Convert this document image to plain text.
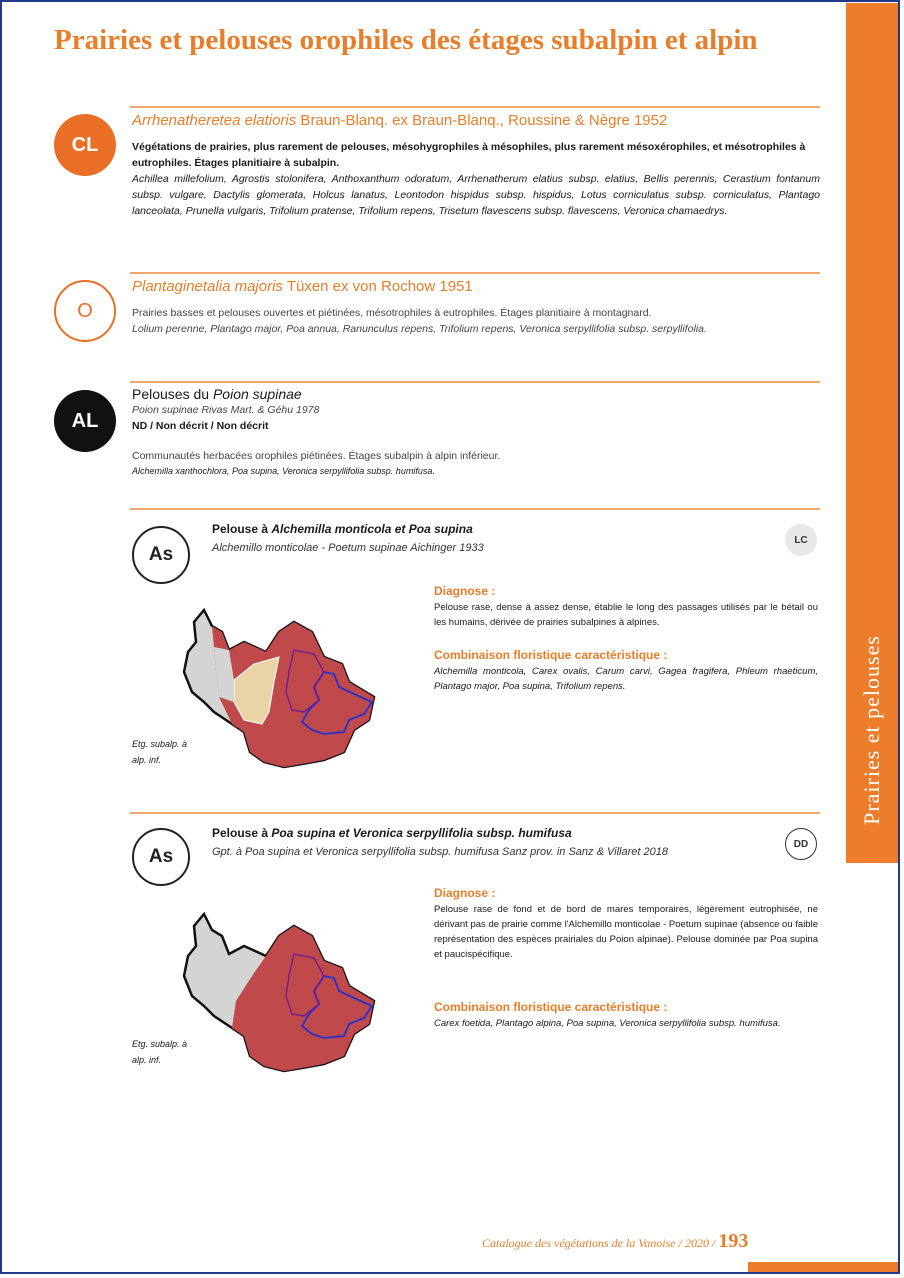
Prairies et pelouses orophiles des étages subalpin et alpin
CL
Arrhenatheretea elatioris Braun-Blanq. ex Braun-Blanq., Roussine & Nègre 1952
Végétations de prairies, plus rarement de pelouses, mésohygrophiles à mésophiles, plus rarement mésoxérophiles, et mésotrophiles à eutrophiles. Étages planitiaire à subalpin.
Achillea millefolium, Agrostis stolonifera, Anthoxanthum odoratum, Arrhenatherum elatius subsp. elatius, Bellis perennis, Cerastium fontanum subsp. vulgare, Dactylis glomerata, Holcus lanatus, Leontodon hispidus subsp. hispidus, Lotus corniculatus subsp. corniculatus, Plantago lanceolata, Prunella vulgaris, Trifolium pratense, Trifolium repens, Trisetum flavescens subsp. flavescens, Veronica chamaedrys.
O
Plantaginetalia majoris Tüxen ex von Rochow 1951
Prairies basses et pelouses ouvertes et piétinées, mésotrophiles à eutrophiles. Étages planitiaire à montagnard.
Lolium perenne, Plantago major, Poa annua, Ranunculus repens, Trifolium repens, Veronica serpyllifolia subsp. serpyllifolia.
AL
Pelouses du Poion supinae
Poion supinae Rivas Mart. & Géhu 1978
ND / Non décrit / Non décrit
Communautés herbacées orophiles piétinées. Étages subalpin à alpin inférieur.
Alchemilla xanthochlora, Poa supina, Veronica serpyllifolia subsp. humifusa.
As
Pelouse à Alchemilla monticola et Poa supina
Alchemillo monticolae - Poetum supinae Aichinger 1933
LC
Etg. subalp. à
alp. inf.
Diagnose :
Pelouse rase, dense à assez dense, établie le long des passages utilisés par le bétail ou les humains, dérivée de prairies subalpines à alpines.
Combinaison floristique caractéristique :
Alchemilla monticola, Carex ovalis, Carum carvi, Gagea fragifera, Phleum rhaeticum, Plantago major, Poa supina, Trifolium repens.
As
Pelouse à Poa supina et Veronica serpyllifolia subsp. humifusa
Gpt. à Poa supina et Veronica serpyllifolia subsp. humifusa Sanz prov. in Sanz & Villaret 2018
DD
Etg. subalp. à
alp. inf.
Diagnose :
Pelouse rase de fond et de bord de mares temporaires, légèrement eutrophisée, ne dérivant pas de prairie comme l'Alchemillo monticolae - Poetum supinae (absence ou faible représentation des espèces prairiales du Poion alpinae). Pelouse dominée par Poa supina et paucispécifique.
Combinaison floristique caractéristique :
Carex foetida, Plantago alpina, Poa supina, Veronica serpyllifolia subsp. humifusa.
Catalogue des végétations de la Vanoise / 2020 / 193
Prairies et pelouses
